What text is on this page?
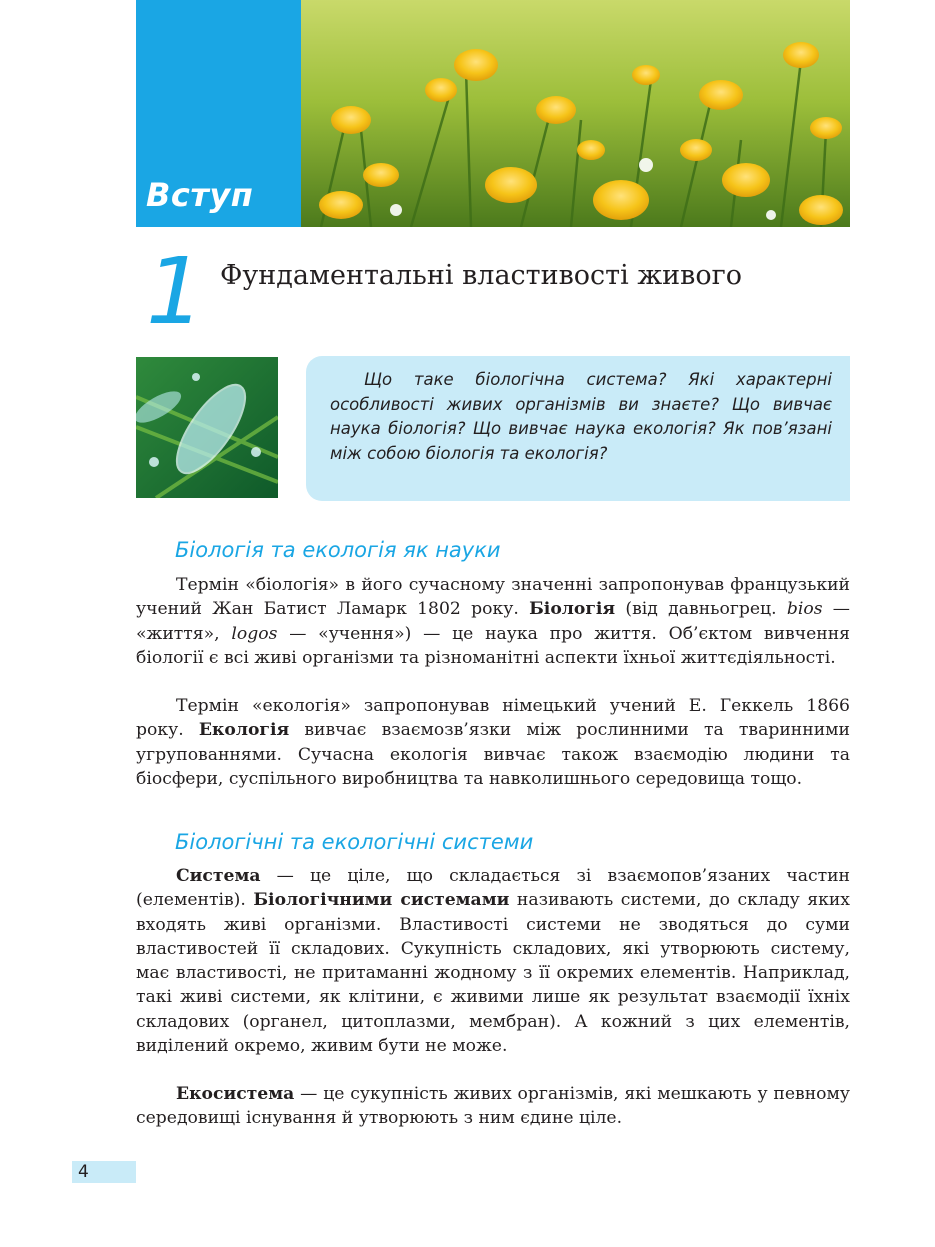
Вступ
1 Фундаментальні властивості живого

Що таке біологічна система? Які характерні особливості живих організмів ви знаєте? Що вивчає наука біологія? Що вивчає наука екологія? Як пов’язані між собою біологія та екологія?

Біологія та екологія як науки

Термін «біологія» в його сучасному значенні запропонував французький учений Жан Батист Ламарк 1802 року. Біологія (від давньогрец. bios — «життя», logos — «учення») — це наука про життя. Об’єктом вивчення біології є всі живі організми та різноманітні аспекти їхньої життєдіяльності.

Термін «екологія» запропонував німецький учений Е. Геккель 1866 року. Екологія вивчає взаємозв’язки між рослинними та тваринними угрупованнями. Сучасна екологія вивчає також взаємодію людини та біосфери, суспільного виробництва та навколишнього середовища тощо.

Біологічні та екологічні системи

Система — це ціле, що складається зі взаємопов’язаних частин (елементів). Біологічними системами називають системи, до складу яких входять живі організми. Властивості системи не зводяться до суми властивостей її складових. Сукупність складових, які утворюють систему, має властивості, не притаманні жодному з її окремих елементів. Наприклад, такі живі системи, як клітини, є живими лише як результат взаємодії їхніх складових (органел, цитоплазми, мембран). А кожний з цих елементів, виділений окремо, живим бути не може.

Екосистема — це сукупність живих організмів, які мешкають у певному середовищі існування й утворюють з ним єдине ціле.

4
